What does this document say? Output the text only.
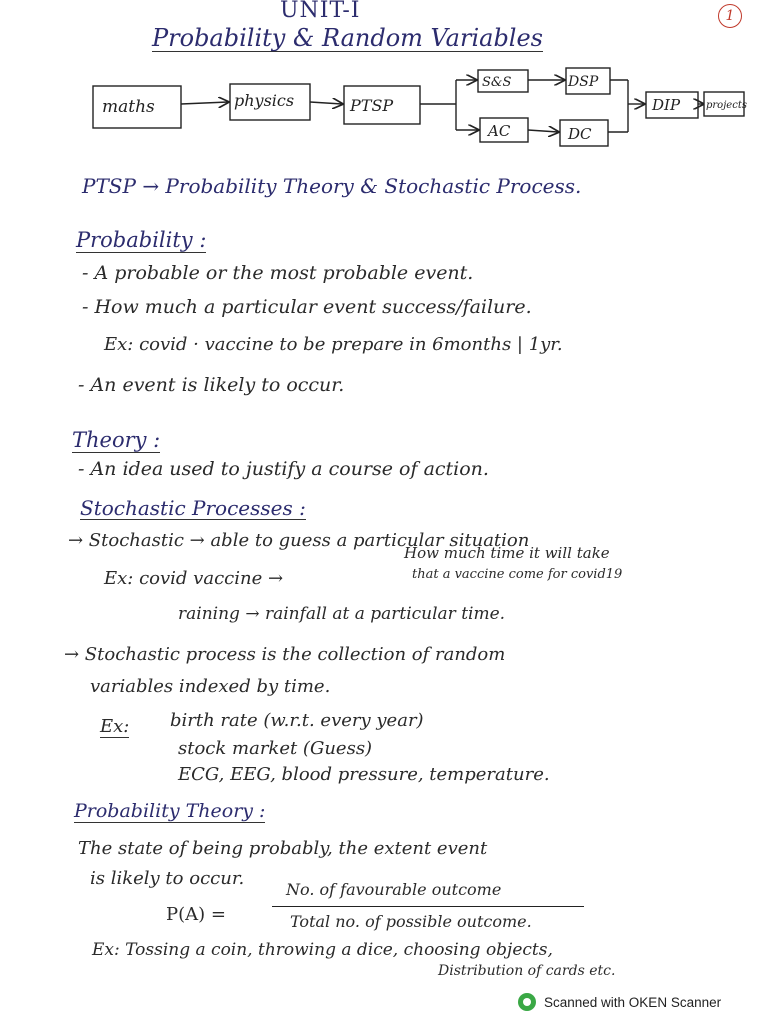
UNIT-I
Probability & Random Variables
1
maths	physics	PTSP
S&S	DSP
AC	DC
DIP	projects
PTSP → Probability Theory & Stochastic Process.
Probability :
- A probable or the most probable event.
- How much a particular event success/failure.
Ex: covid · vaccine to be prepare in 6months | 1yr.
- An event is likely to occur.
Theory :
- An idea used to justify a course of action.
Stochastic Processes :
→ Stochastic → able to guess a particular situation
Ex: covid vaccine →
How much time it will take
that a vaccine come for covid19
raining → rainfall at a particular time.
→ Stochastic process is the collection of random
variables indexed by time.
Ex: birth rate (w.r.t. every year)
stock market (Guess)
ECG, EEG, blood pressure, temperature.
Probability Theory :
The state of being probably, the extent event
is likely to occur.
P(A) =
No. of favourable outcome
Total no. of possible outcome.
Ex: Tossing a coin, throwing a dice, choosing objects,
Distribution of cards etc.
Scanned with OKEN Scanner
